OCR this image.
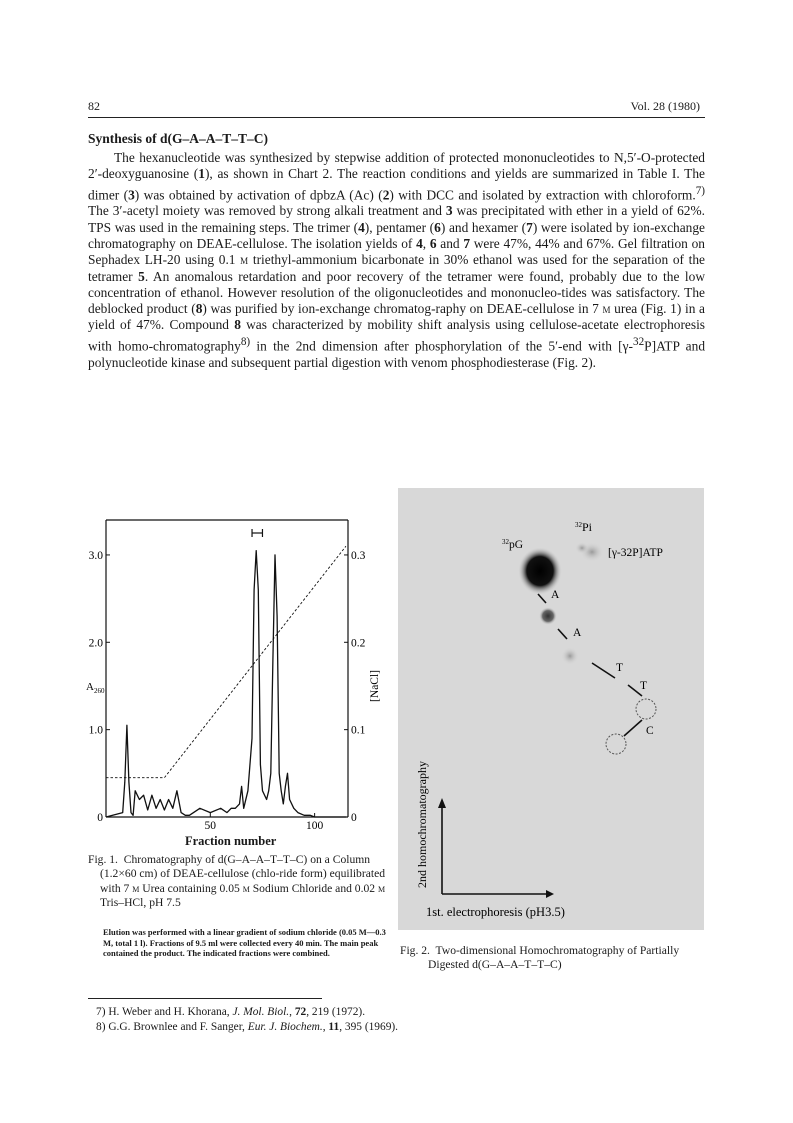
82	Vol. 28 (1980)
Synthesis of d(G–A–A–T–T–C)

The hexanucleotide was synthesized by stepwise addition of protected mononucleotides to N,5′-O-protected 2′-deoxyguanosine (1), as shown in Chart 2. The reaction conditions and yields are summarized in Table I. The dimer (3) was obtained by activation of dpbzA (Ac) (2) with DCC and isolated by extraction with chloroform.$^{7)}$ The 3′-acetyl moiety was removed by strong alkali treatment and 3 was precipitated with ether in a yield of 62%. TPS was used in the remaining steps. The trimer (4), pentamer (6) and hexamer (7) were isolated by ion-exchange chromatography on DEAE-cellulose. The isolation yields of 4, 6 and 7 were 47%, 44% and 67%. Gel filtration on Sephadex LH-20 using 0.1 m triethyl-ammonium bicarbonate in 30% ethanol was used for the separation of the tetramer 5. An anomalous retardation and poor recovery of the tetramer were found, probably due to the low concentration of ethanol. However resolution of the oligonucleotides and mononucleo-tides was satisfactory. The deblocked product (8) was purified by ion-exchange chromatog-raphy on DEAE-cellulose in 7 m urea (Fig. 1) in a yield of 47%. Compound 8 was characterized by mobility shift analysis using cellulose-acetate electrophoresis with homo-chromatography$^{8)}$ in the 2nd dimension after phosphorylation of the 5′-end with [γ-$^{32}$P]ATP and polynucleotide kinase and subsequent partial digestion with venom phosphodiesterase (Fig. 2).

0
1.0
2.0
3.0
0
0.1
0.2
0.3
50	100
$A_{260}$	[NaCl]
Fraction number

Fig. 1.  Chromatography of d(G–A–A–T–T–C) on a Column (1.2×60 cm) of DEAE-cellulose (chlo-ride form) equilibrated with 7 m Urea containing 0.05 m Sodium Chloride and 0.02 m Tris–HCl, pH 7.5

Elution was performed with a linear gradient of sodium chloride (0.05 M—0.3 M, total 1 l). Fractions of 9.5 ml were collected every 40 min. The main peak contained the product. The indicated fractions were combined.
$^{32}$Pi
$^{32}$pG
[γ-32P]ATP
A
A
T
T
C
1st. electrophoresis (pH3.5)
2nd homochromatography

Fig. 2.  Two-dimensional Homochromatography of Partially Digested d(G–A–A–T–T–C)

7) H. Weber and H. Khorana, J. Mol. Biol., 72, 219 (1972).
8) G.G. Brownlee and F. Sanger, Eur. J. Biochem., 11, 395 (1969).
